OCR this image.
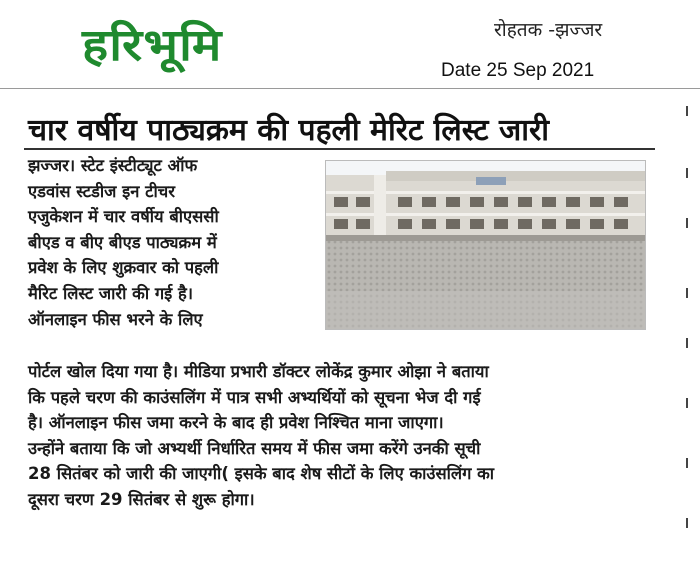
हरिभूमि	रोहतक -झज्जर
Date 25 Sep 2021
चार वर्षीय पाठ्यक्रम की पहली मेरिट लिस्ट जारी
झज्जर। स्टेट इंस्टीट्यूट ऑफ
एडवांस स्टडीज इन टीचर
एजुकेशन में चार वर्षीय बीएससी
बीएड व बीए बीएड पाठ्यक्रम में
प्रवेश के लिए शुक्रवार को पहली
मैरिट लिस्ट जारी की गई है।
ऑनलाइन फीस भरने के लिए
पोर्टल खोल दिया गया है। मीडिया प्रभारी डॉक्टर लोकेंद्र कुमार ओझा ने बताया
कि पहले चरण की काउंसलिंग में पात्र सभी अभ्यर्थियों को सूचना भेज दी गई
है। ऑनलाइन फीस जमा करने के बाद ही प्रवेश निश्चित माना जाएगा।
उन्होंने बताया कि जो अभ्यर्थी निर्धारित समय में फीस जमा करेंगे उनकी सूची
28 सितंबर को जारी की जाएगी( इसके बाद शेष सीटों के लिए काउंसलिंग का
दूसरा चरण 29 सितंबर से शुरू होगा।
